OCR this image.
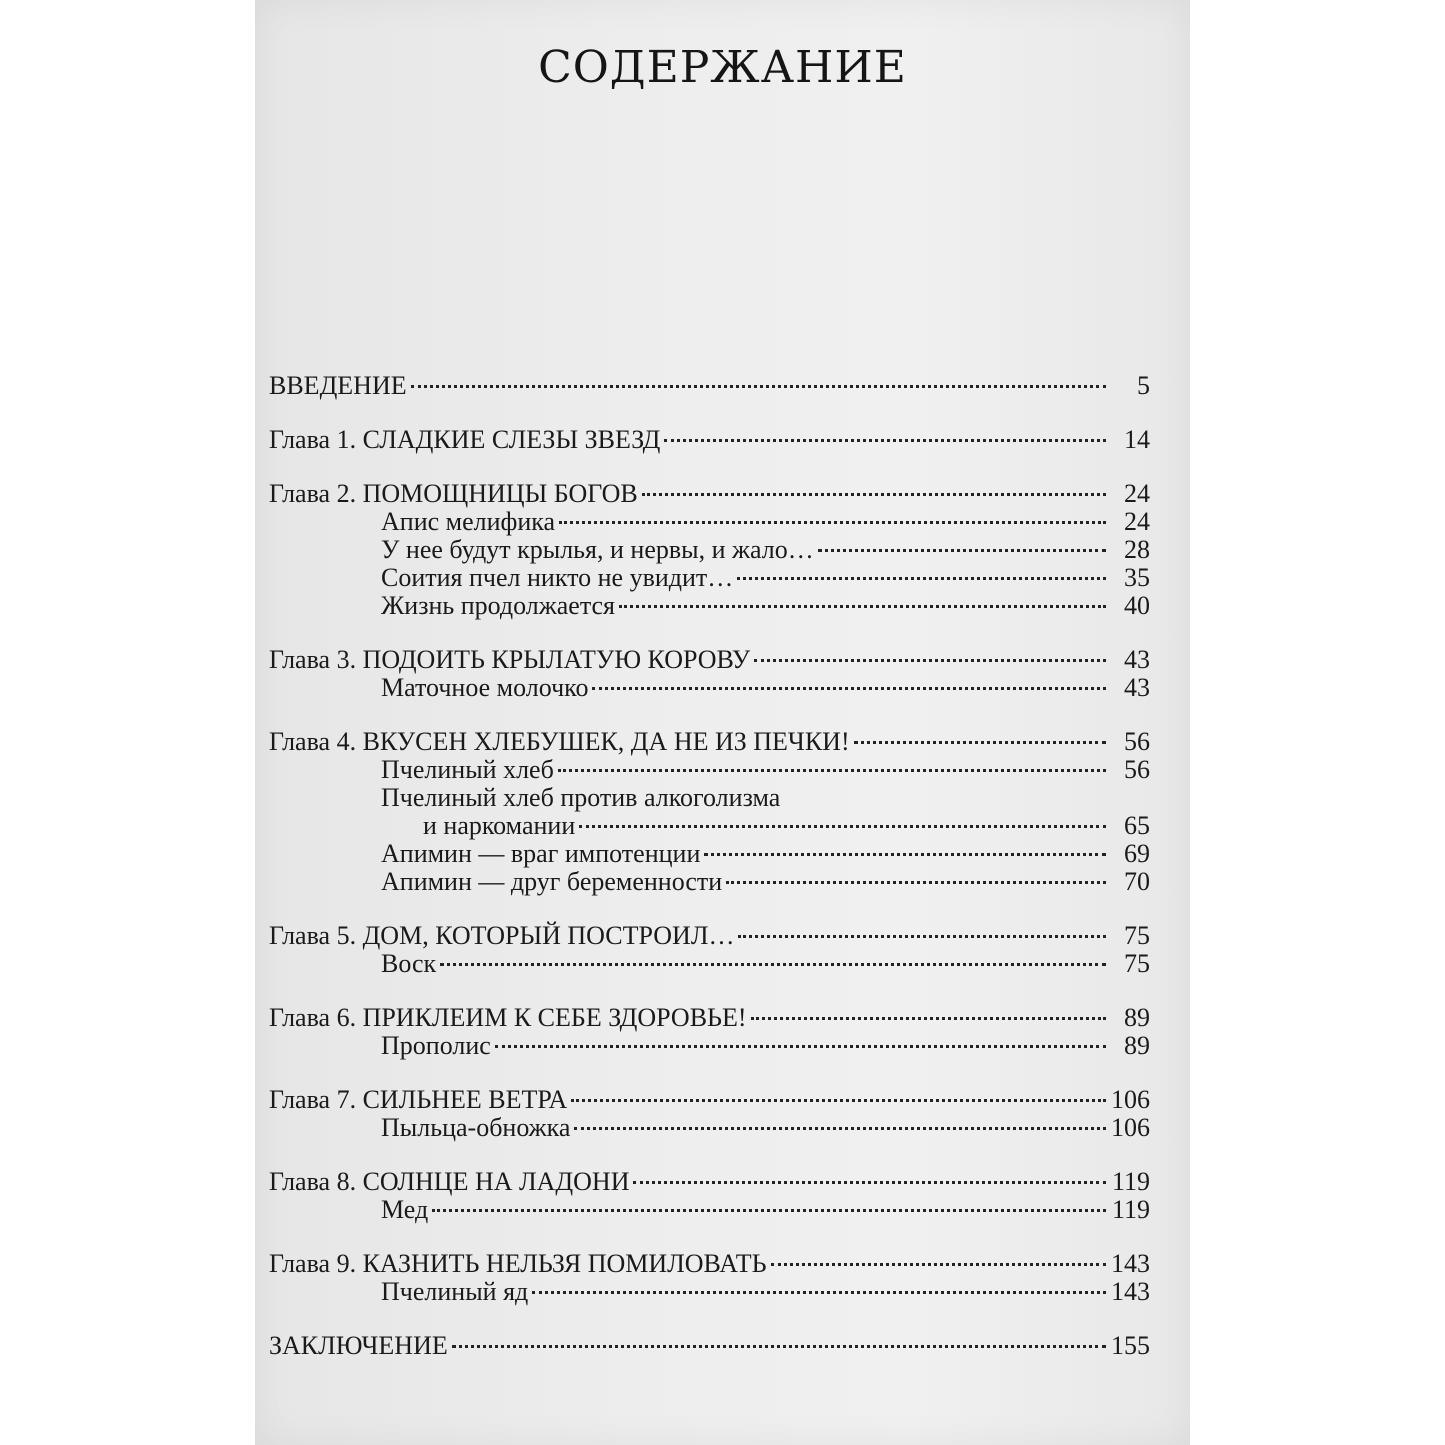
СОДЕРЖАНИЕ
ВВЕДЕНИЕ	5
Глава 1. СЛАДКИЕ СЛЕЗЫ ЗВЕЗД	14
Глава 2. ПОМОЩНИЦЫ БОГОВ	24
Апис мелифика	24
У нее будут крылья, и нервы, и жало…	28
Соития пчел никто не увидит…	35
Жизнь продолжается	40
Глава 3. ПОДОИТЬ КРЫЛАТУЮ КОРОВУ	43
Маточное молочко	43
Глава 4. ВКУСЕН ХЛЕБУШЕК, ДА НЕ ИЗ ПЕЧКИ!	56
Пчелиный хлеб	56
Пчелиный хлеб против алкоголизма
и наркомании	65
Апимин — враг импотенции	69
Апимин — друг беременности	70
Глава 5. ДОМ, КОТОРЫЙ ПОСТРОИЛ…	75
Воск	75
Глава 6. ПРИКЛЕИМ К СЕБЕ ЗДОРОВЬЕ!	89
Прополис	89
Глава 7. СИЛЬНЕЕ ВЕТРА	106
Пыльца-обножка	106
Глава 8. СОЛНЦЕ НА ЛАДОНИ	119
Мед	119
Глава 9. КАЗНИТЬ НЕЛЬЗЯ ПОМИЛОВАТЬ	143
Пчелиный яд	143
ЗАКЛЮЧЕНИЕ	155
